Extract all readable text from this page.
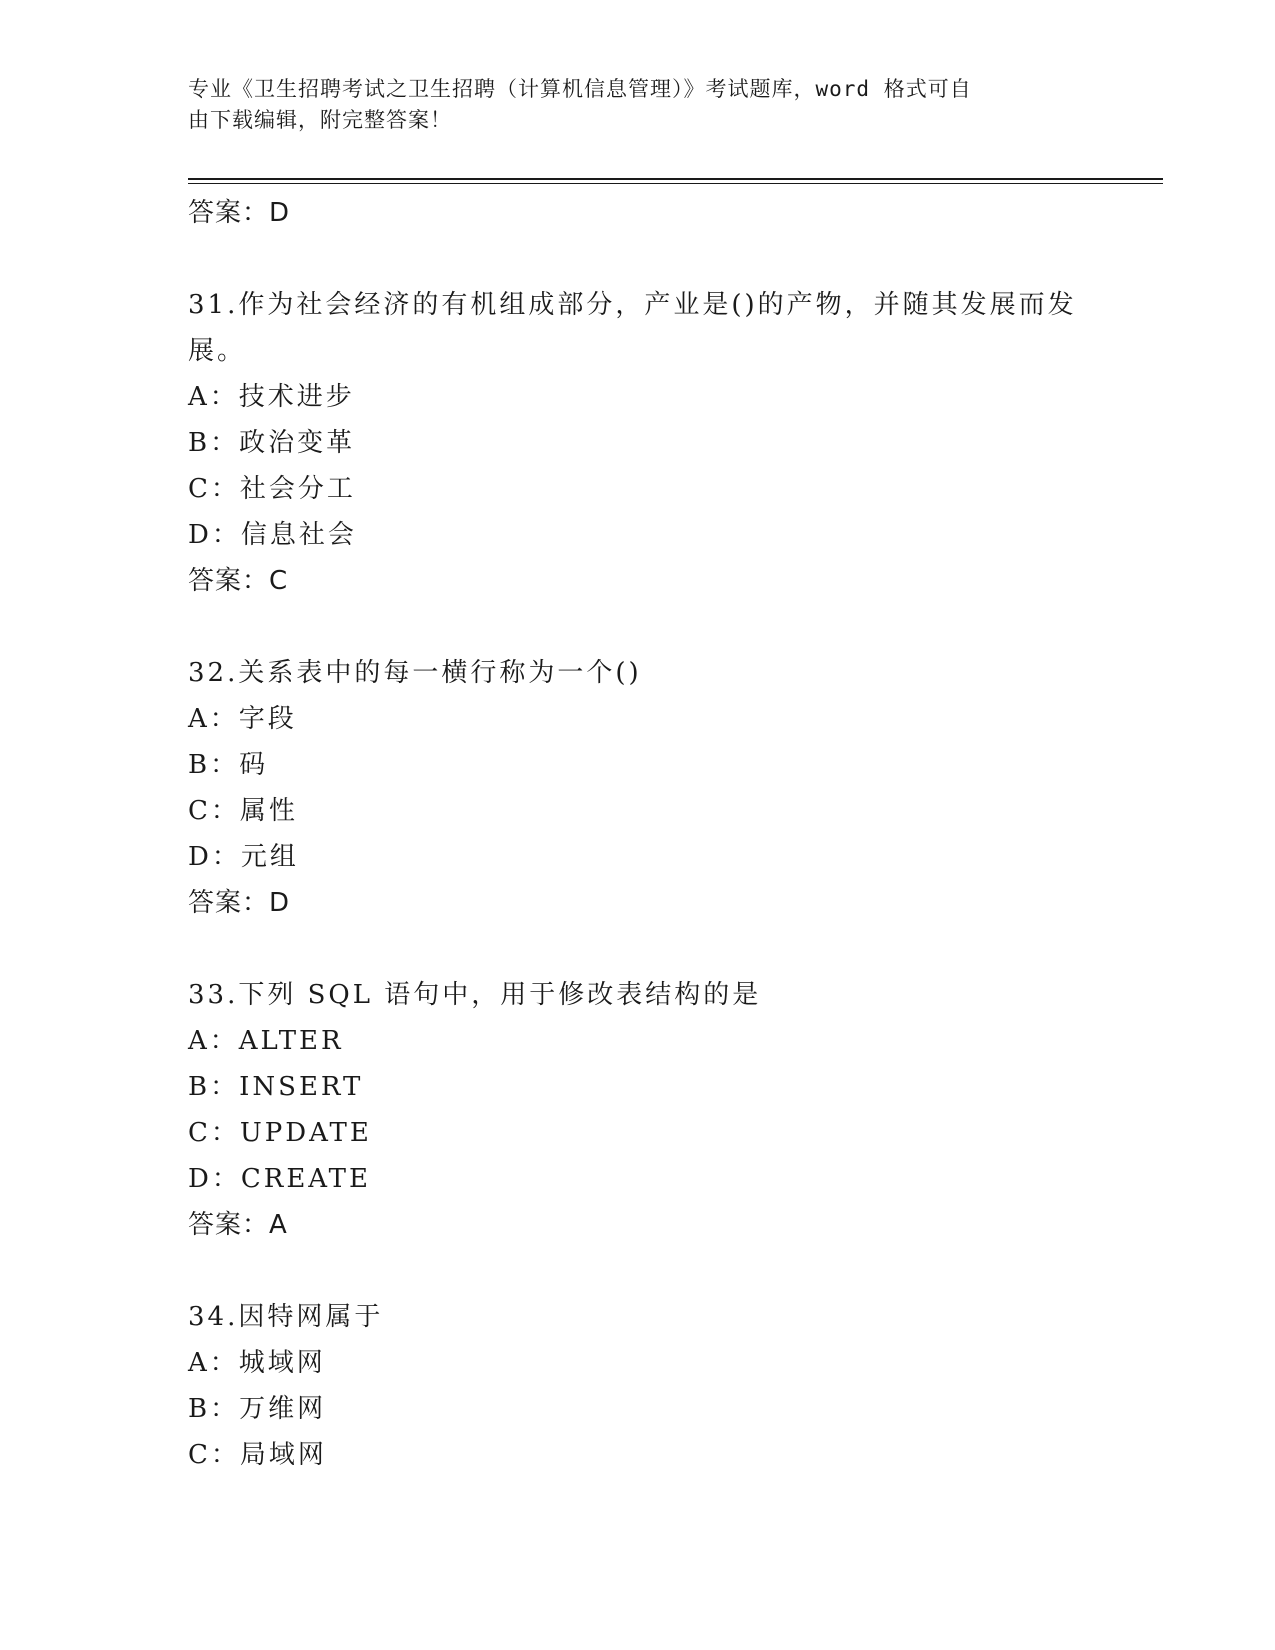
专业《卫生招聘考试之卫生招聘（计算机信息管理）》考试题库，word 格式可自
由下载编辑，附完整答案！
答案：D
31.作为社会经济的有机组成部分，产业是()的产物，并随其发展而发展。
A：技术进步
B：政治变革
C：社会分工
D：信息社会
答案：C
32.关系表中的每一横行称为一个()
A：字段
B：码
C：属性
D：元组
答案：D
33.下列 SQL 语句中，用于修改表结构的是
A：ALTER
B：INSERT
C：UPDATE
D：CREATE
答案：A
34.因特网属于
A：城域网
B：万维网
C：局域网
